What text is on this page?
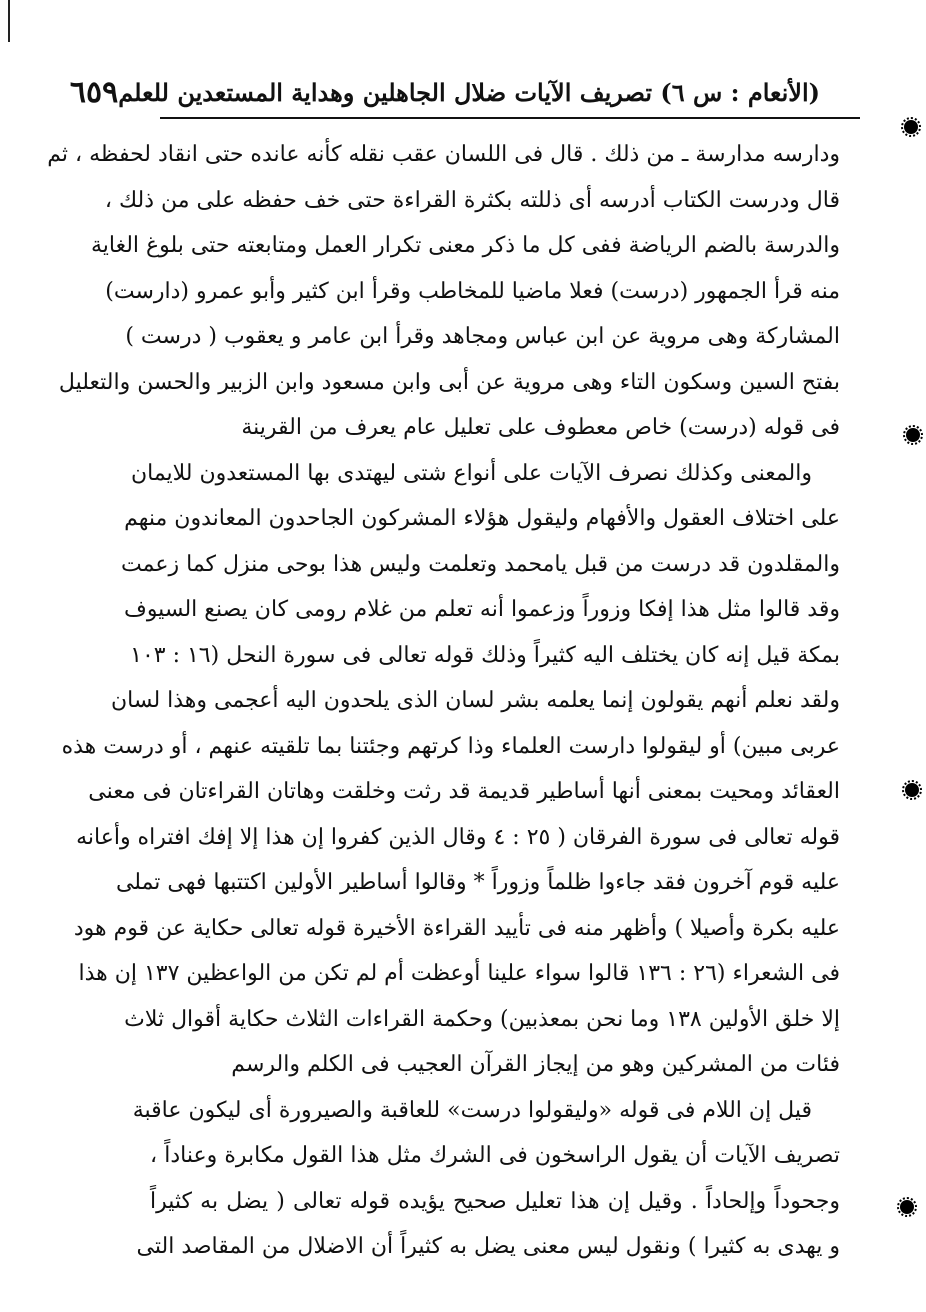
(الأنعام : س ٦) تصريف الآيات ضلال الجاهلين وهداية المستعدين للعلم
٦٥٩
ودارسه مدارسة ـ من ذلك . قال فى اللسان عقب نقله كأنه عانده حتى انقاد لحفظه ، ثم
قال ودرست الكتاب أدرسه أى ذللته بكثرة القراءة حتى خف حفظه على من ذلك ،
والدرسة بالضم الرياضة ففى كل ما ذكر معنى تكرار العمل ومتابعته حتى بلوغ الغاية
منه قرأ الجمهور (درست) فعلا ماضيا للمخاطب وقرأ ابن كثير وأبو عمرو (دارست)
المشاركة وهى مروية عن ابن عباس ومجاهد وقرأ ابن عامر و يعقوب ( درست )
بفتح السين وسكون التاء وهى مروية عن أبى وابن مسعود وابن الزبير والحسن والتعليل
فى قوله (درست) خاص معطوف على تعليل عام يعرف من القرينة
والمعنى وكذلك نصرف الآيات على أنواع شتى ليهتدى بها المستعدون للايمان
على اختلاف العقول والأفهام وليقول هؤلاء المشركون الجاحدون المعاندون منهم
والمقلدون قد درست من قبل يامحمد وتعلمت وليس هذا بوحى منزل كما زعمت
وقد قالوا مثل هذا إفكا وزوراً وزعموا أنه تعلم من غلام رومى كان يصنع السيوف
بمكة قيل إنه كان يختلف اليه كثيراً وذلك قوله تعالى فى سورة النحل (١٦ : ١٠٣
ولقد نعلم أنهم يقولون إنما يعلمه بشر لسان الذى يلحدون اليه أعجمى وهذا لسان
عربى مبين) أو ليقولوا دارست العلماء وذا كرتهم وجئتنا بما تلقيته عنهم ، أو درست هذه
العقائد ومحيت بمعنى أنها أساطير قديمة قد رثت وخلقت وهاتان القراءتان فى معنى
قوله تعالى فى سورة الفرقان ( ٢٥ : ٤ وقال الذين كفروا إن هذا إلا إفك افتراه وأعانه
عليه قوم آخرون فقد جاءوا ظلماً وزوراً * وقالوا أساطير الأولين اكتتبها فهى تملى
عليه بكرة وأصيلا ) وأظهر منه فى تأييد القراءة الأخيرة قوله تعالى حكاية عن قوم هود
فى الشعراء (٢٦ : ١٣٦ قالوا سواء علينا أوعظت أم لم تكن من الواعظين ١٣٧ إن هذا
إلا خلق الأولين ١٣٨ وما نحن بمعذبين) وحكمة القراءات الثلاث حكاية أقوال ثلاث
فئات من المشركين وهو من إيجاز القرآن العجيب فى الكلم والرسم
قيل إن اللام فى قوله «وليقولوا درست» للعاقبة والصيرورة أى ليكون عاقبة
تصريف الآيات أن يقول الراسخون فى الشرك مثل هذا القول مكابرة وعناداً ،
وجحوداً وإلحاداً . وقيل إن هذا تعليل صحيح يؤيده قوله تعالى ( يضل به كثيراً
و يهدى به كثيرا ) ونقول ليس معنى يضل به كثيراً أن الاضلال من المقاصد التى
